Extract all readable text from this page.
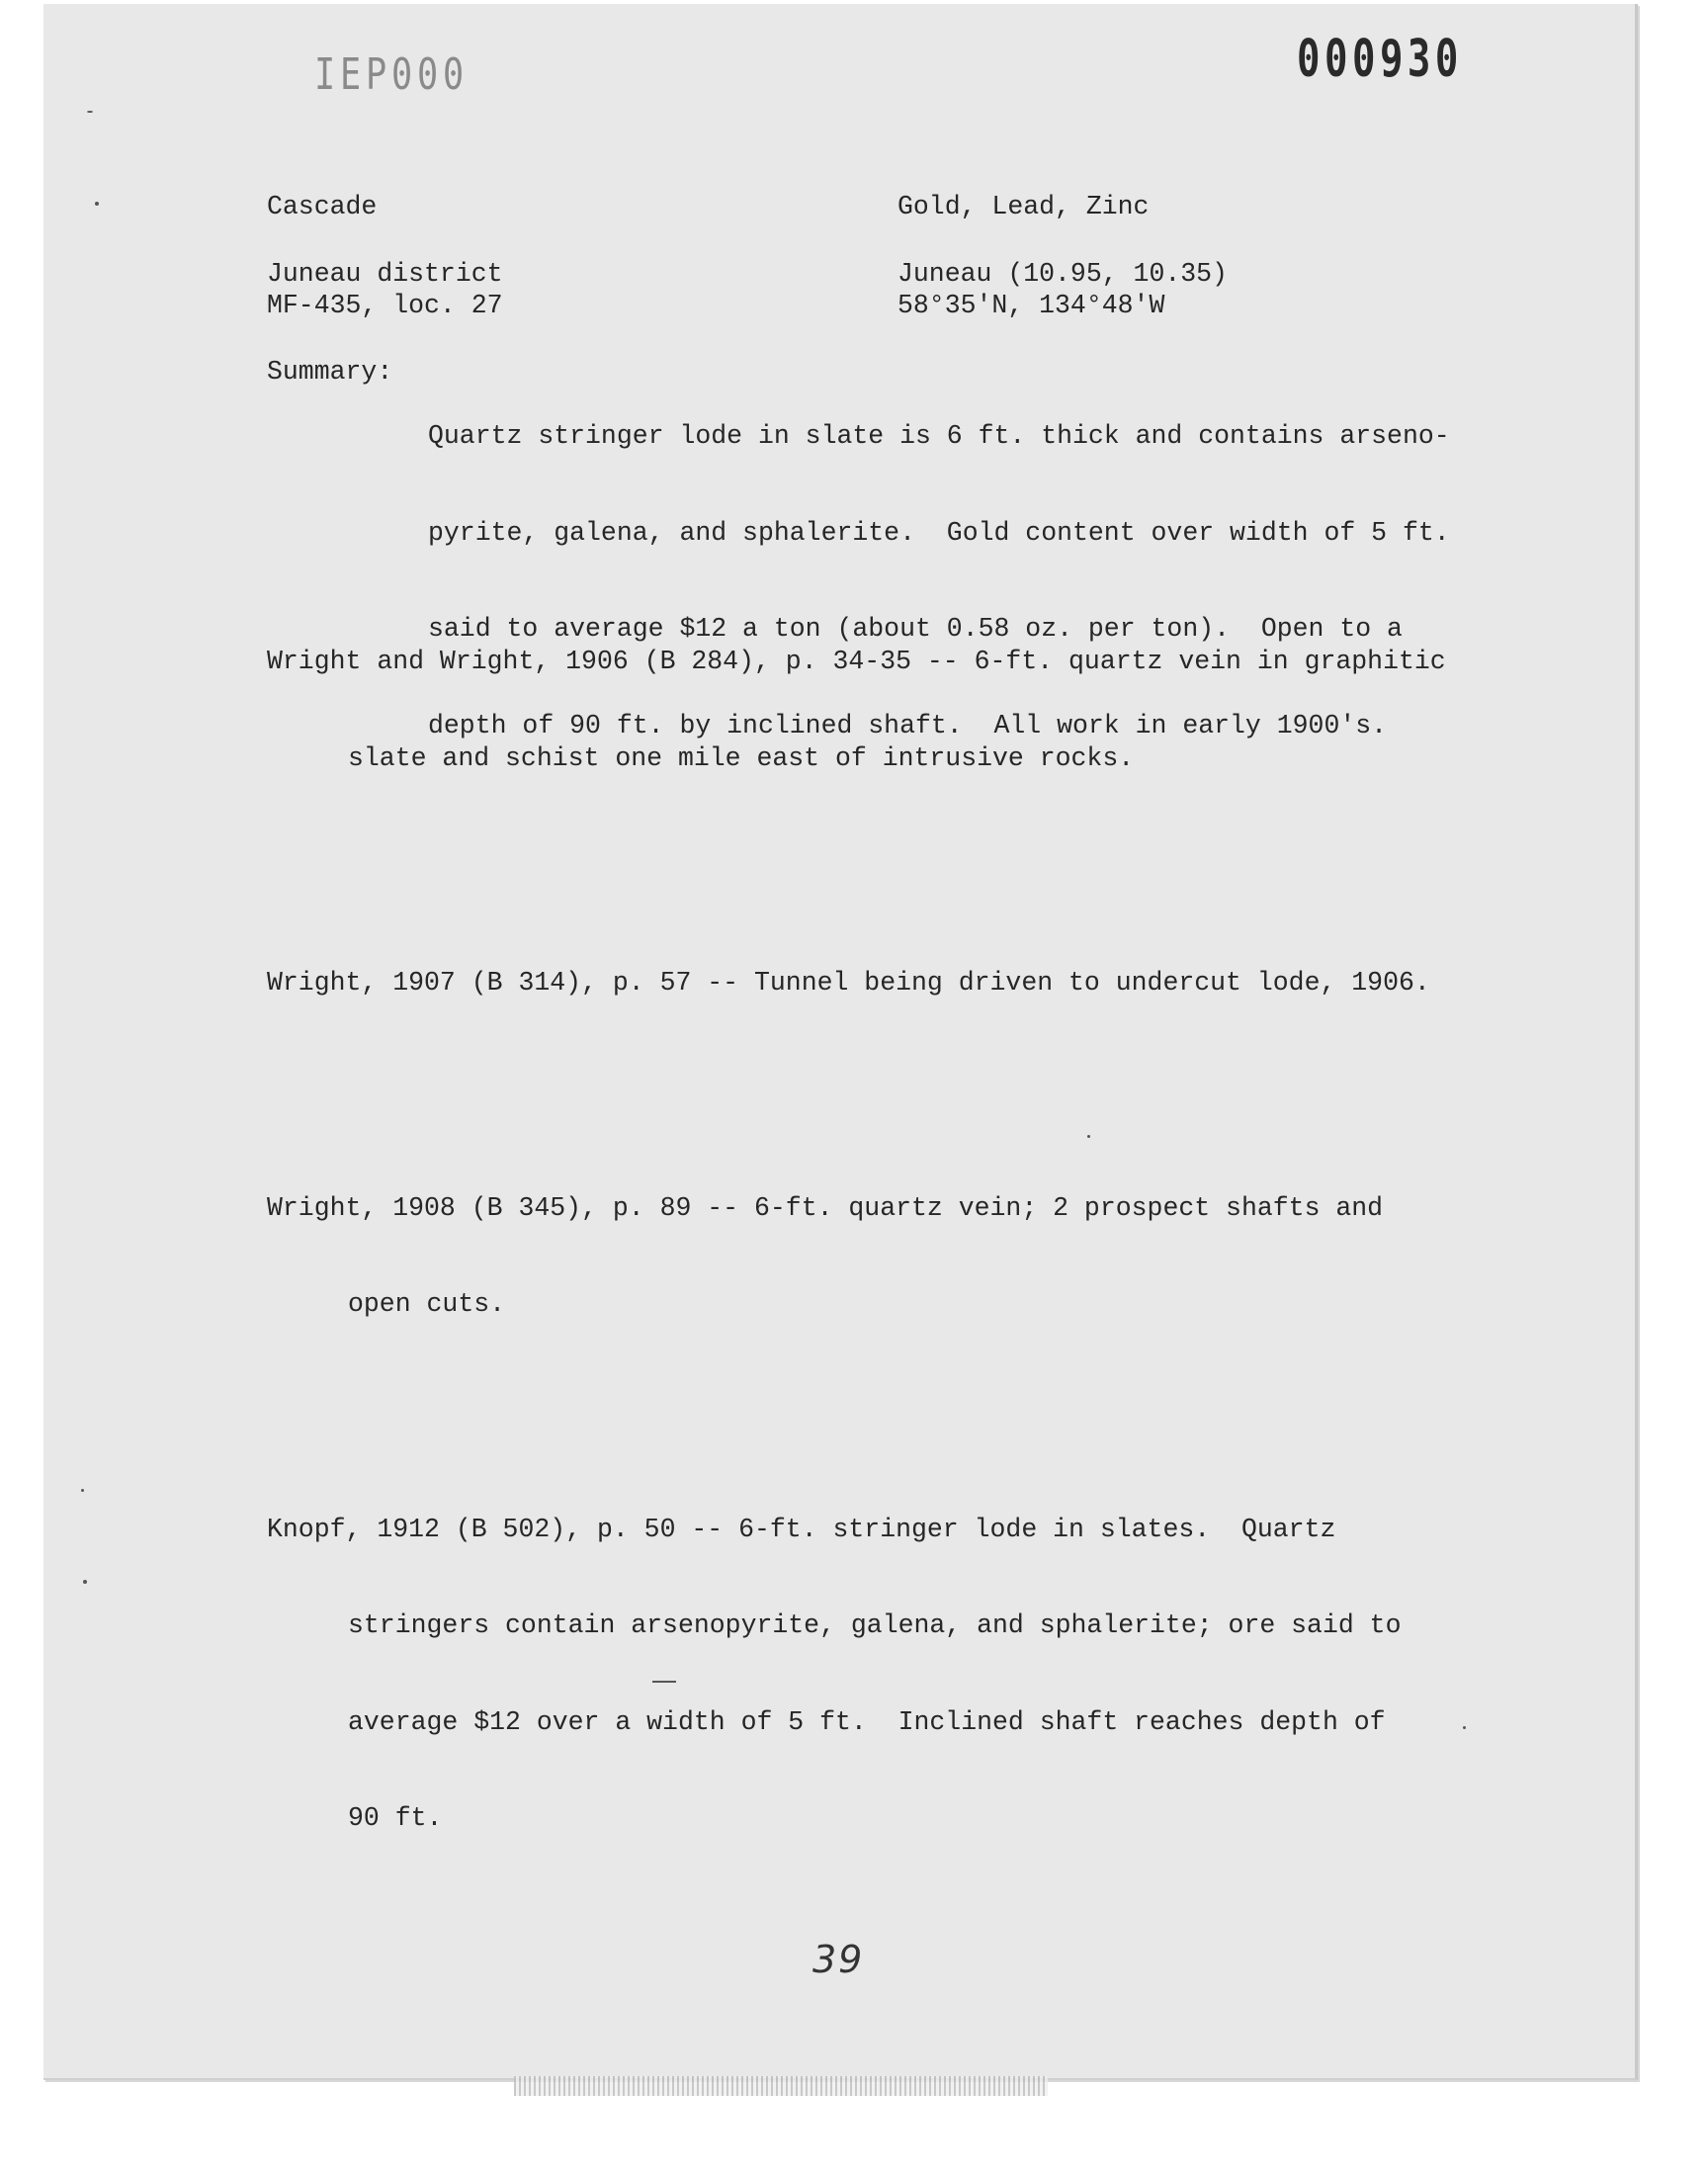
IEP000	000930
Cascade	Gold, Lead, Zinc
Juneau district	Juneau (10.95, 10.35)
MF-435, loc. 27	58°35'N, 134°48'W
Summary:

Quartz stringer lode in slate is 6 ft. thick and contains arseno-

pyrite, galena, and sphalerite.  Gold content over width of 5 ft.

said to average $12 a ton (about 0.58 oz. per ton).  Open to a

depth of 90 ft. by inclined shaft.  All work in early 1900's.

Wright and Wright, 1906 (B 284), p. 34-35 -- 6-ft. quartz vein in graphitic

slate and schist one mile east of intrusive rocks.

Wright, 1907 (B 314), p. 57 -- Tunnel being driven to undercut lode, 1906.

Wright, 1908 (B 345), p. 89 -- 6-ft. quartz vein; 2 prospect shafts and

open cuts.

Knopf, 1912 (B 502), p. 50 -- 6-ft. stringer lode in slates.  Quartz

stringers contain arsenopyrite, galena, and sphalerite; ore said to

average $12 over a width of 5 ft.  Inclined shaft reaches depth of

90 ft.

39
